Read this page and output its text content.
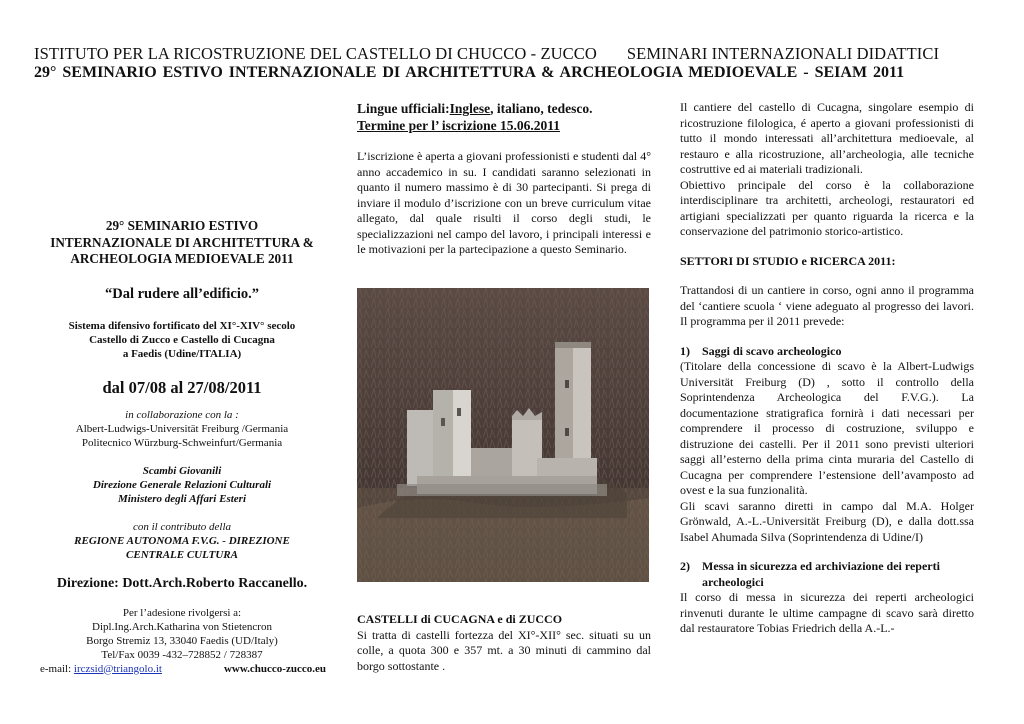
ISTITUTO PER LA RICOSTRUZIONE DEL CASTELLO DI CHUCCO - ZUCCO SEMINARI INTERNAZIONALI DIDATTICI
29° SEMINARIO ESTIVO INTERNAZIONALE DI ARCHITETTURA & ARCHEOLOGIA MEDIOEVALE - SEIAM 2011
29° SEMINARIO ESTIVO
INTERNAZIONALE DI ARCHITETTURA &
ARCHEOLOGIA MEDIOEVALE 2011
“Dal rudere all’edificio.”
Sistema difensivo fortificato del XI°-XIV° secolo
Castello di Zucco e Castello di Cucagna
a Faedis (Udine/ITALIA)
dal 07/08 al 27/08/2011
in collaborazione con la :
Albert-Ludwigs-Universität Freiburg /Germania
Politecnico Würzburg-Schweinfurt/Germania
Scambi Giovanili
Direzione Generale Relazioni Culturali
Ministero degli Affari Esteri
con il contributo della
REGIONE AUTONOMA F.V.G. - DIREZIONE
CENTRALE CULTURA
Direzione: Dott.Arch.Roberto Raccanello.
Per l’adesione rivolgersi a:
Dipl.Ing.Arch.Katharina von Stietencron
Borgo Stremiz 13, 33040 Faedis (UD/Italy)
Tel/Fax 0039 -432–728852 / 728387
e-mail: irczsid@triangolo.it	www.chucco-zucco.eu
Lingue ufficiali:Inglese, italiano, tedesco.
Termine per l’ iscrizione 15.06.2011

L’iscrizione è aperta a giovani professionisti e studenti dal 4° anno accademico in su. I candidati saranno selezionati in quanto il numero massimo è di 30 partecipanti. Si prega di inviare il modulo d’iscrizione con un breve curriculum vitae allegato, dal quale risulti il corso degli studi, le specializzazioni nel campo del lavoro, i principali interessi e le motivazioni per la partecipazione a questo Seminario.

CASTELLI di CUCAGNA e di ZUCCO

Si tratta di castelli fortezza del XI°-XII° sec. situati su un colle, a quota 300 e 357 mt. a 30 minuti di cammino dal borgo sottostante .

Il cantiere del castello di Cucagna, singolare esempio di ricostruzione filologica, é aperto a giovani professionisti di tutto il mondo interessati all’architettura medioevale, al restauro e alla ricostruzione, all’archeologia, alle tecniche costruttive ed ai materiali tradizionali.

Obiettivo principale del corso è la collaborazione interdisciplinare tra architetti, archeologi, restauratori ed artigiani specializzati per quanto riguarda la ricerca e la conservazione del patrimonio storico-artistico.

SETTORI DI STUDIO e RICERCA 2011:

Trattandosi di un cantiere in corso, ogni anno il programma del ‘cantiere scuola ‘ viene adeguato al progresso dei lavori. Il programma per il 2011 prevede:

1)	Saggi di scavo archeologico

(Titolare della concessione di scavo è la Albert-Ludwigs Universität Freiburg (D) , sotto il controllo della Soprintendenza Archeologica del F.V.G.). La documentazione stratigrafica fornirà i dati necessari per comprendere il processo di costruzione, sviluppo e distruzione dei castelli. Per il 2011 sono previsti ulteriori saggi all’esterno della prima cinta muraria del Castello di Cucagna per comprendere l’estensione dell’avamposto ad ovest e la sua funzionalità.

Gli scavi saranno diretti in campo dal M.A. Holger Grönwald, A.-L.-Universität Freiburg (D), e dalla dott.ssa Isabel Ahumada Silva (Soprintendenza di Udine/I)

2)	Messa in sicurezza ed archiviazione dei reperti archeologici

Il corso di messa in sicurezza dei reperti archeologici rinvenuti durante le ultime campagne di scavo sarà diretto dal restauratore Tobias Friedrich della A.-L.-
